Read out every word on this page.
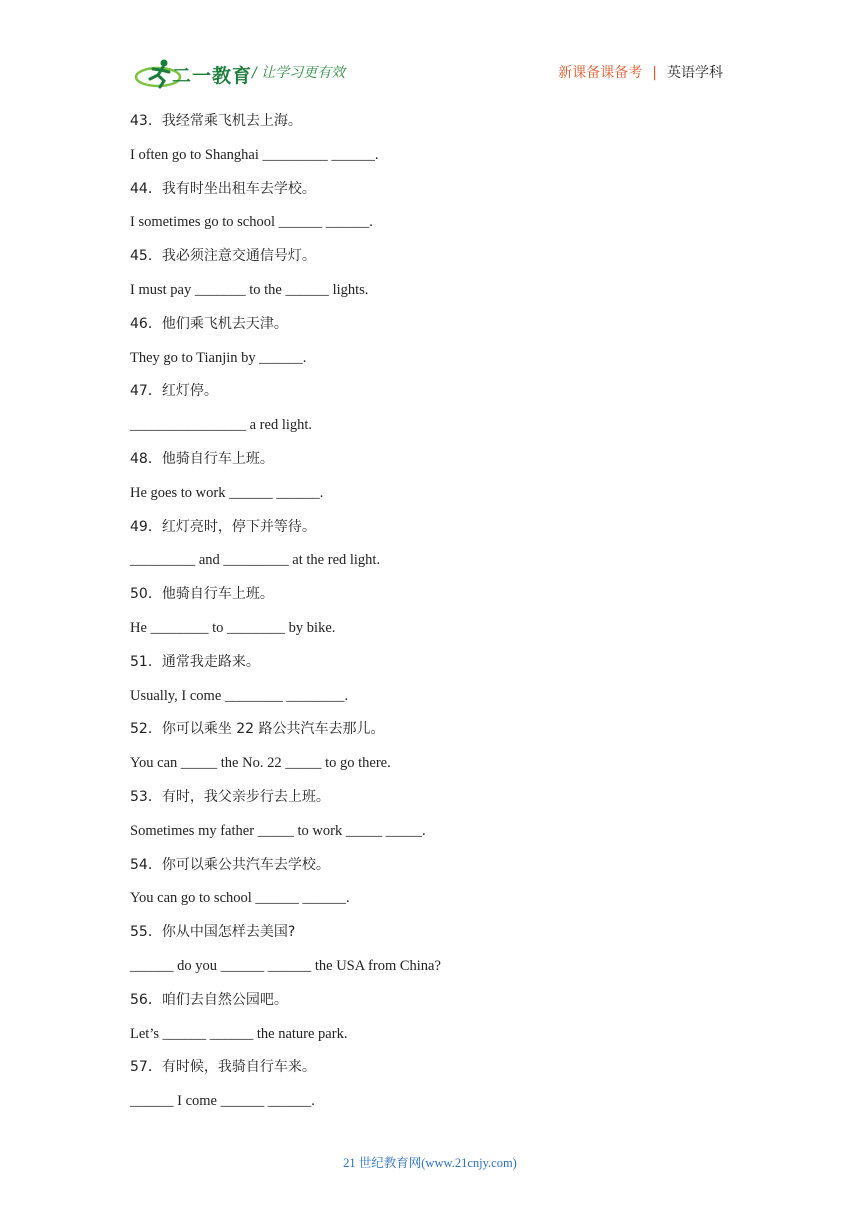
二一教育 / 让学习更有效	新课备课备考 | 英语学科
43．我经常乘飞机去上海。
I often go to Shanghai _________ ______.
44．我有时坐出租车去学校。
I sometimes go to school ______ ______.
45．我必须注意交通信号灯。
I must pay _______ to the ______ lights.
46．他们乘飞机去天津。
They go to Tianjin by ______.
47．红灯停。
________________ a red light.
48．他骑自行车上班。
He goes to work ______ ______.
49．红灯亮时，停下并等待。
_________ and _________ at the red light.
50．他骑自行车上班。
He ________ to ________ by bike.
51．通常我走路来。
Usually, I come ________ ________.
52．你可以乘坐 22 路公共汽车去那儿。
You can _____ the No. 22 _____ to go there.
53．有时，我父亲步行去上班。
Sometimes my father _____ to work _____ _____.
54．你可以乘公共汽车去学校。
You can go to school ______ ______.
55．你从中国怎样去美国?
______ do you ______ ______ the USA from China?
56．咱们去自然公园吧。
Let’s ______ ______ the nature park.
57．有时候，我骑自行车来。
______ I come ______ ______.
21 世纪教育网(www.21cnjy.com)
